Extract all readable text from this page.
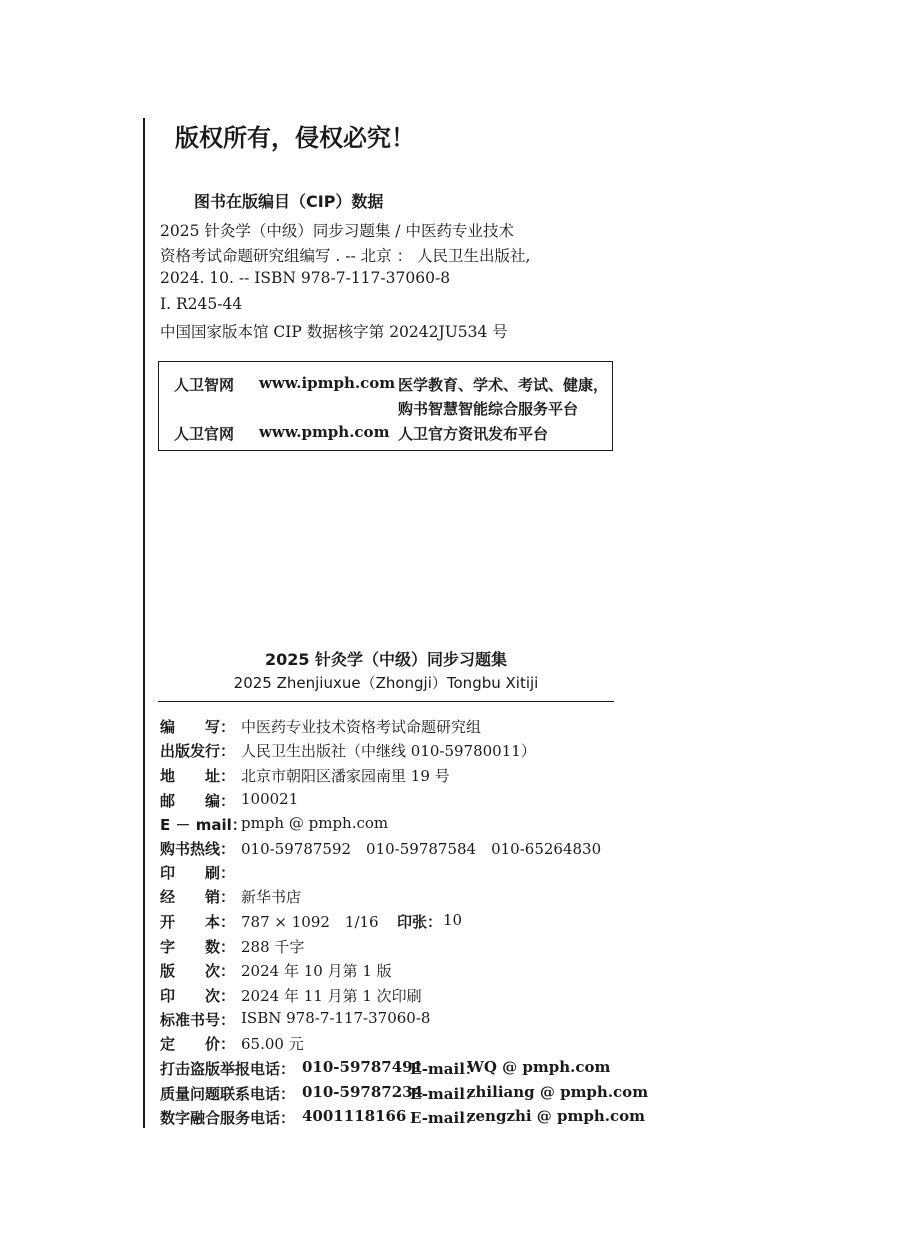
版权所有，侵权必究！
图书在版编目（CIP）数据
2025 针灸学（中级）同步习题集 / 中医药专业技术
资格考试命题研究组编写 . -- 北京 ： 人民卫生出版社,
2024. 10. -- ISBN 978-7-117-37060-8
I. R245-44
中国国家版本馆 CIP 数据核字第 20242JU534 号
人卫智网 www.ipmph.com 医学教育、学术、考试、健康，
购书智慧智能综合服务平台
人卫官网 www.pmph.com 人卫官方资讯发布平台
2025 针灸学（中级）同步习题集
2025 Zhenjiuxue（Zhongji）Tongbu Xitiji
编　　写： 中医药专业技术资格考试命题研究组
出版发行： 人民卫生出版社（中继线 010-59780011）
地　　址： 北京市朝阳区潘家园南里 19 号
邮　　编： 100021
E － mail：
pmph @ pmph.com
购书热线： 010-59787592　010-59787584　010-65264830
印　　刷：
经　　销： 新华书店
开　　本： 787 × 1092　1/16 印张： 10
字　　数： 288 千字
版　　次： 2024 年 10 月第 1 版
印　　次： 2024 年 11 月第 1 次印刷
标准书号： ISBN 978-7-117-37060-8
定　　价： 65.00 元
打击盗版举报电话： 010-59787491
E-mail：
WQ @ pmph.com
质量问题联系电话： 010-59787234
E-mail：
zhiliang @ pmph.com
数字融合服务电话： 4001118166 E-mail：
zengzhi @ pmph.com
